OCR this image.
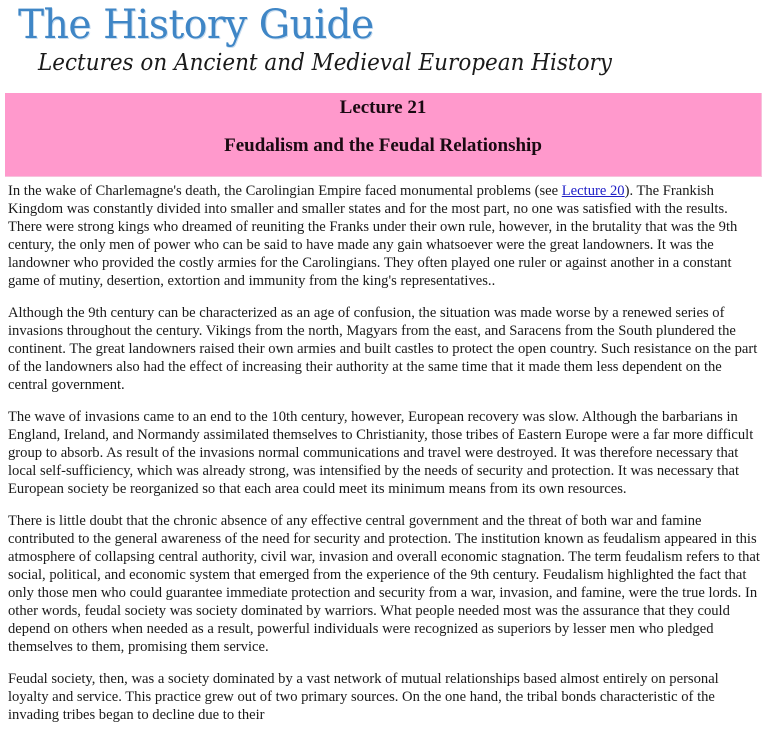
The History Guide
Lectures on Ancient and Medieval European History
Lecture 21
Feudalism and the Feudal Relationship

In the wake of Charlemagne's death, the Carolingian Empire faced monumental problems (see Lecture 20). The Frankish Kingdom was constantly divided into smaller and smaller states and for the most part, no one was satisfied with the results. There were strong kings who dreamed of reuniting the Franks under their own rule, however, in the brutality that was the 9th century, the only men of power who can be said to have made any gain whatsoever were the great landowners. It was the landowner who provided the costly armies for the Carolingians. They often played one ruler or against another in a constant game of mutiny, desertion, extortion and immunity from the king's representatives..

Although the 9th century can be characterized as an age of confusion, the situation was made worse by a renewed series of invasions throughout the century. Vikings from the north, Magyars from the east, and Saracens from the South plundered the continent. The great landowners raised their own armies and built castles to protect the open country. Such resistance on the part of the landowners also had the effect of increasing their authority at the same time that it made them less dependent on the central government.

The wave of invasions came to an end to the 10th century, however, European recovery was slow. Although the barbarians in England, Ireland, and Normandy assimilated themselves to Christianity, those tribes of Eastern Europe were a far more difficult group to absorb. As result of the invasions normal communications and travel were destroyed. It was therefore necessary that local self-sufficiency, which was already strong, was intensified by the needs of security and protection. It was necessary that European society be reorganized so that each area could meet its minimum means from its own resources.

There is little doubt that the chronic absence of any effective central government and the threat of both war and famine contributed to the general awareness of the need for security and protection. The institution known as feudalism appeared in this atmosphere of collapsing central authority, civil war, invasion and overall economic stagnation. The term feudalism refers to that social, political, and economic system that emerged from the experience of the 9th century. Feudalism highlighted the fact that only those men who could guarantee immediate protection and security from a war, invasion, and famine, were the true lords. In other words, feudal society was society dominated by warriors. What people needed most was the assurance that they could depend on others when needed as a result, powerful individuals were recognized as superiors by lesser men who pledged themselves to them, promising them service.

Feudal society, then, was a society dominated by a vast network of mutual relationships based almost entirely on personal loyalty and service. This practice grew out of two primary sources. On the one hand, the tribal bonds characteristic of the invading tribes began to decline due to their
